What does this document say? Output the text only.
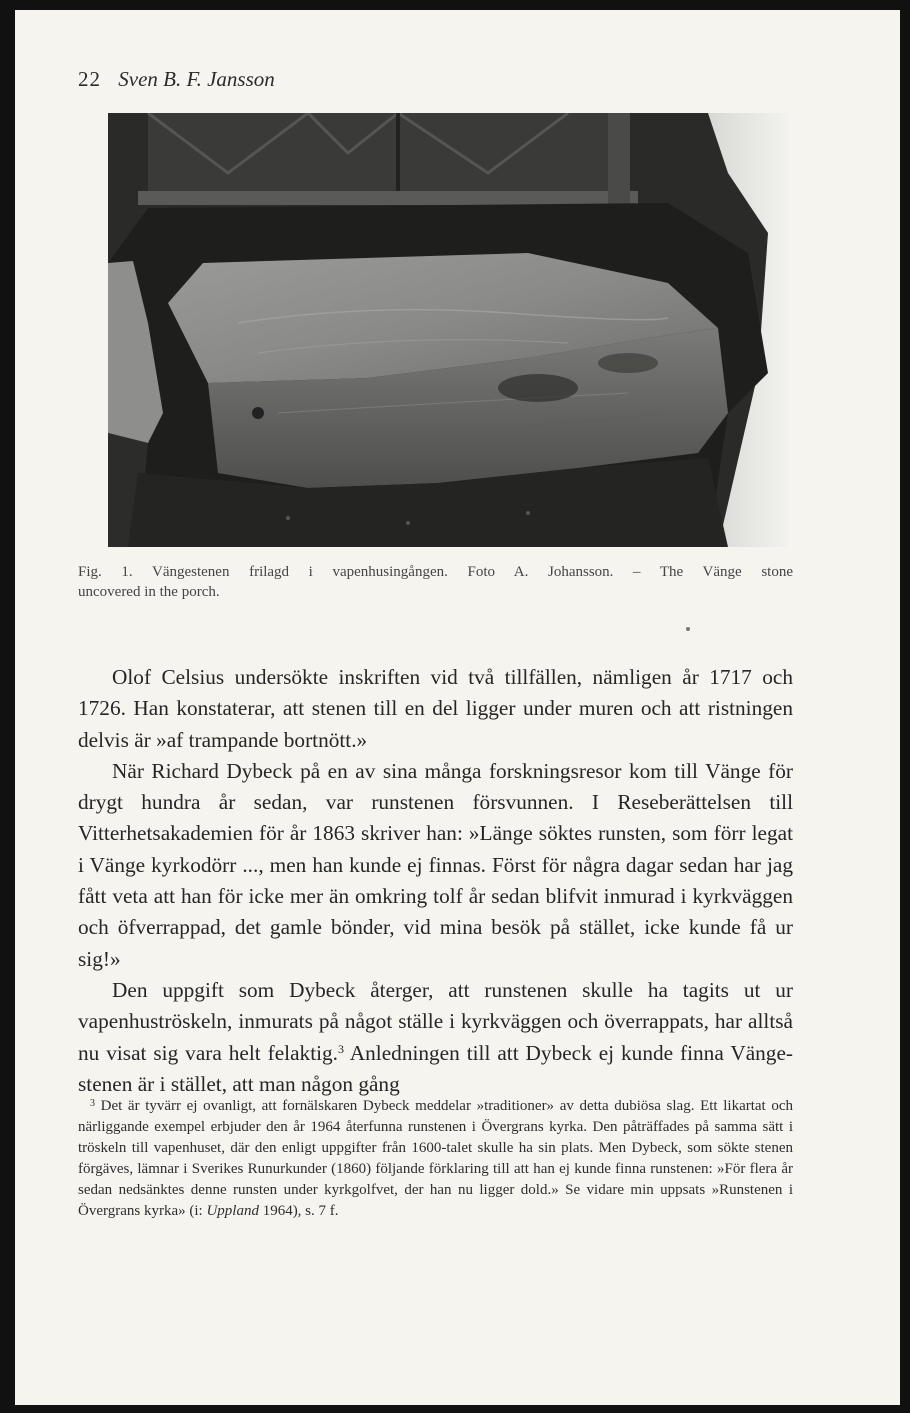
22 Sven B. F. Jansson
Fig. 1. Vängestenen frilagd i vapenhusingången. Foto A. Johansson. – The Vänge stone
uncovered in the porch.

Olof Celsius undersökte inskriften vid två tillfällen, nämligen år 1717 och 1726. Han konstaterar, att stenen till en del ligger under muren och att ristningen delvis är »af trampande bortnött.»

När Richard Dybeck på en av sina många forskningsresor kom till Vänge för drygt hundra år sedan, var runstenen försvunnen. I Reseberättelsen till Vitterhetsakademien för år 1863 skriver han: »Länge söktes runsten, som förr legat i Vänge kyrkodörr ..., men han kunde ej finnas. Först för några dagar sedan har jag fått veta att han för icke mer än omkring tolf år sedan blifvit inmurad i kyrkväggen och öfverrappad, det gamle bönder, vid mina besök på stället, icke kunde få ur sig!»

Den uppgift som Dybeck återger, att runstenen skulle ha tagits ut ur vapenhuströskeln, inmurats på något ställe i kyrkväggen och överrappats, har alltså nu visat sig vara helt felaktig.$^3$ Anledningen till att Dybeck ej kunde finna Vänge-stenen är i stället, att man någon gång

$^3$ Det är tyvärr ej ovanligt, att fornälskaren Dybeck meddelar »traditioner» av detta dubiösa slag. Ett likartat och närliggande exempel erbjuder den år 1964 återfunna runstenen i Övergrans kyrka. Den påträffades på samma sätt i tröskeln till vapenhuset, där den enligt uppgifter från 1600-talet skulle ha sin plats. Men Dybeck, som sökte stenen förgäves, lämnar i Sverikes Runurkunder (1860) följande förklaring till att han ej kunde finna runstenen: »För flera år sedan nedsänktes denne runsten under kyrkgolfvet, der han nu ligger dold.» Se vidare min uppsats »Runstenen i Övergrans kyrka» (i: Uppland 1964), s. 7 f.
